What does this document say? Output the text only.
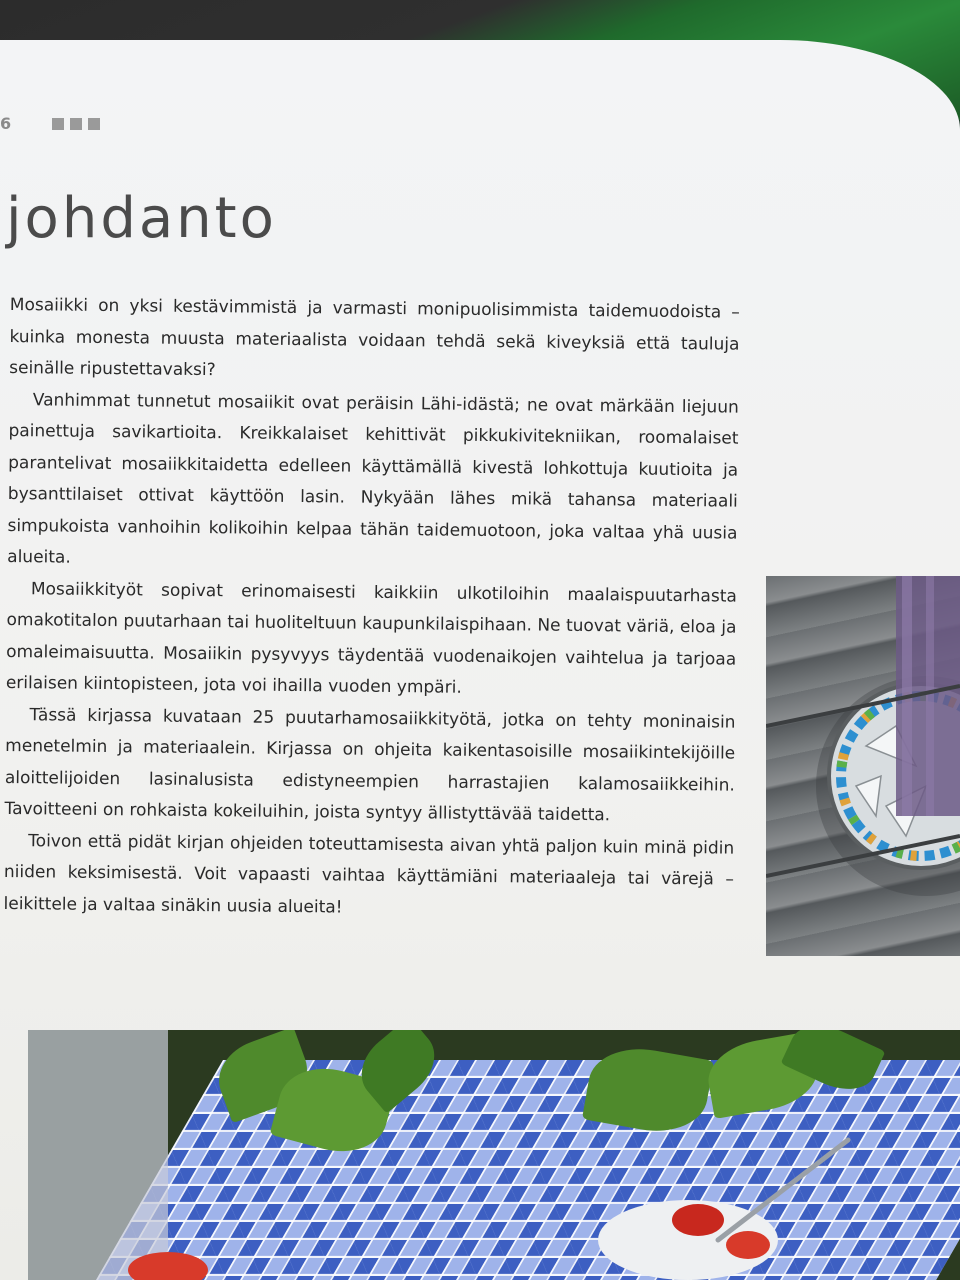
6
johdanto

Mosaiikki on yksi kestävimmistä ja varmasti monipuolisimmista taidemuodoista – kuinka monesta muusta materiaalista voidaan tehdä sekä kiveyksiä että tauluja seinälle ripustettavaksi?

Vanhimmat tunnetut mosaiikit ovat peräisin Lähi-idästä; ne ovat märkään liejuun painettuja savikartioita. Kreikkalaiset kehittivät pikkukivitekniikan, roomalaiset parantelivat mosaiikkitaidetta edelleen käyttämällä kivestä lohkottuja kuutioita ja bysanttilaiset ottivat käyttöön lasin. Nykyään lähes mikä tahansa materiaali simpukoista vanhoihin kolikoihin kelpaa tähän taidemuotoon, joka valtaa yhä uusia alueita.

Mosaiikkityöt sopivat erinomaisesti kaikkiin ulkotiloihin maalaispuutarhasta omakotitalon puutarhaan tai huoliteltuun kaupunkilaispihaan. Ne tuovat väriä, eloa ja omaleimaisuutta. Mosaiikin pysyvyys täydentää vuodenaikojen vaihtelua ja tarjoaa erilaisen kiintopisteen, jota voi ihailla vuoden ympäri.

Tässä kirjassa kuvataan 25 puutarhamosaiikkityötä, jotka on tehty moninaisin menetelmin ja materiaalein. Kirjassa on ohjeita kaikentasoisille mosaiikintekijöille aloittelijoiden lasinalusista edistyneempien harrastajien kalamosaiikkeihin. Tavoitteeni on rohkaista kokeiluihin, joista syntyy ällistyttävää taidetta.

Toivon että pidät kirjan ohjeiden toteuttamisesta aivan yhtä paljon kuin minä pidin niiden keksimisestä. Voit vapaasti vaihtaa käyttämiäni materiaaleja tai värejä – leikittele ja valtaa sinäkin uusia alueita!
